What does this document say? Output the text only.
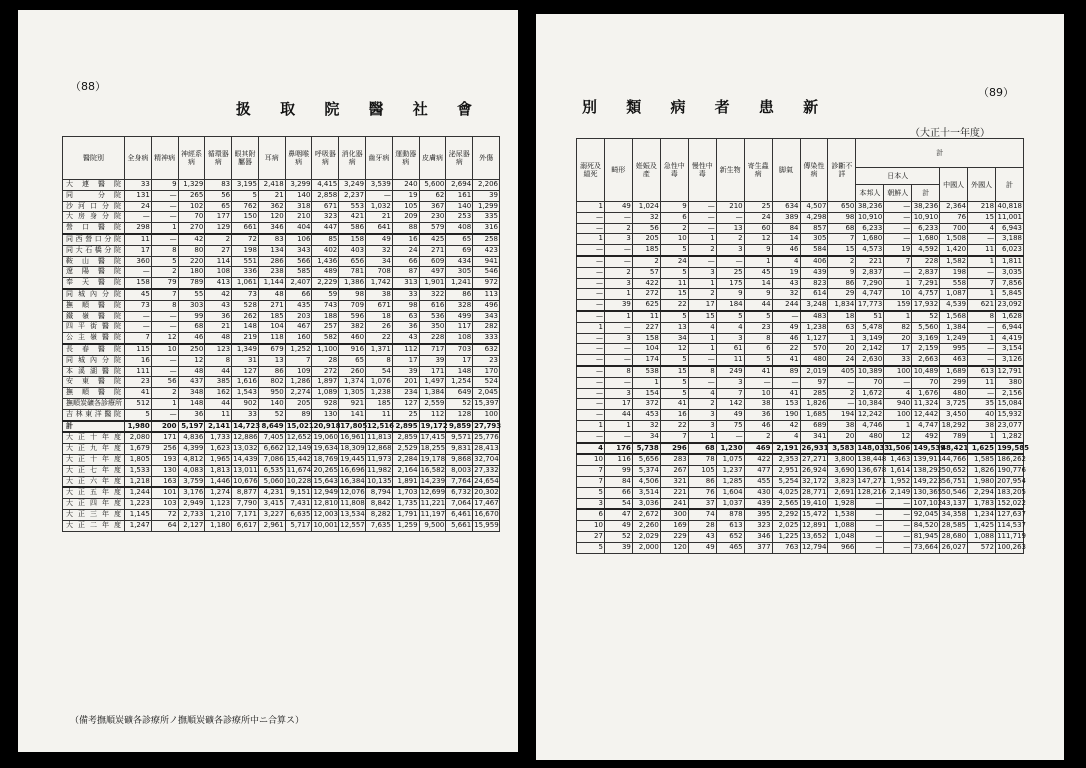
（88）
扱 取 院 醫 社 會
醫院別	全身病	精神病	神經系病	循環器病	眼其附屬器	耳病	鼻咽喉病	呼吸器病	消化器病	齒牙病	運動器病	皮膚病	泌尿器病	外傷
大連醫院	33	9	1,329	83	3,195	2,418	3,299	4,415	3,249	3,539	240	5,600	2,694	2,206
同　分院	131	—	265	56	5	21	140	2,858	2,237	—	19	62	161	39
沙河口分院	24	—	102	65	762	362	318	671	553	1,032	105	367	140	1,299
大房身分院	—	—	70	177	150	120	210	323	421	21	209	230	253	335
營口醫院	298	1	270	129	661	346	404	447	586	641	88	579	408	316
同西營口分院	11	—	42	2	72	83	106	85	158	49	16	425	65	258
同大石橋分院	17	8	80	27	198	134	343	402	403	32	24	271	69	423
鞍山醫院	360	5	220	114	551	286	566	1,436	656	34	66	609	434	941
遼陽醫院	—	2	180	108	336	238	585	489	781	708	87	497	305	546
奉天醫院	158	79	789	413	1,061	1,144	2,407	2,229	1,386	1,742	313	1,901	1,241	972
同城內分院	45	7	55	42	73	48	66	59	98	38	33	322	86	113
撫順醫院	73	8	303	43	528	271	435	743	709	671	98	616	328	496
鐵嶺醫院	—	—	99	36	262	185	203	188	596	18	63	536	499	343
四平街醫院	—	—	68	21	148	104	467	257	382	26	36	350	117	282
公主嶺醫院	7	12	46	48	219	118	160	582	460	22	43	228	108	333
長春醫院	115	10	250	123	1,349	679	1,252	1,100	916	1,371	112	717	703	632
同城內分院	16	—	12	8	31	13	7	28	65	8	17	39	17	23
本溪湖醫院	111	—	48	44	127	86	109	272	260	54	39	171	148	170
安東醫院	23	56	437	385	1,616	802	1,286	1,897	1,374	1,076	201	1,497	1,254	524
撫順醫院	41	2	348	162	1,543	950	2,274	1,089	1,305	1,238	234	1,384	649	2,045
撫順炭礦各診療所	512	1	148	44	902	140	205	928	921	185	127	2,559	52	15,397
吉林東洋醫院	5	—	36	11	33	52	89	130	141	11	25	112	128	100
計	1,980	200	5,197	2,141	14,723	8,649	15,021	20,918	17,805	12,516	2,895	19,172	9,859	27,793
大正十年度	2,080	171	4,836	1,733	12,886	7,405	12,652	19,060	16,961	11,813	2,859	17,415	9,571	25,776
大正九年度	1,679	256	4,399	1,623	13,032	6,662	12,149	19,634	18,309	12,868	2,529	18,255	9,831	28,413
大正十年度	1,805	193	4,812	1,965	14,439	7,086	15,442	18,769	19,445	11,973	2,284	19,178	9,868	32,704
大正七年度	1,533	130	4,083	1,813	13,011	6,535	11,674	20,265	16,696	11,982	2,164	16,582	8,003	27,332
大正六年度	1,218	163	3,759	1,446	10,676	5,060	10,228	15,643	16,384	10,135	1,891	14,239	7,764	24,654
大正五年度	1,244	101	3,176	1,274	8,877	4,231	9,151	12,949	12,076	8,794	1,703	12,699	6,732	20,302
大正四年度	1,223	103	2,949	1,123	7,790	3,415	7,431	12,810	11,808	8,842	1,735	11,221	7,064	17,467
大正三年度	1,145	72	2,733	1,210	7,171	3,227	6,635	12,003	13,534	8,282	1,791	11,197	6,461	16,670
大正二年度	1,247	64	2,127	1,180	6,617	2,961	5,717	10,001	12,557	7,635	1,259	9,500	5,661	15,959
（備考撫順炭礦各診療所ノ撫順炭礦各診療所中ニ合算ス）
（89）
別 類 病 者 患 新
（大正十一年度）
溺死及縊死	畸形	姙娠及產	急性中毒	慢性中毒	新生物	寄生蟲病	脚氣	傳染性病	診斷不詳	計					
										日本人			中國人	外國人	計
										本邦人	朝鮮人	計			
1	49	1,024	9	—	210	25	634	4,507	650	38,236	—	38,236	2,364	218	40,818
—	—	32	6	—	—	24	389	4,298	98	10,910	—	10,910	76	15	11,001
—	2	56	2	—	13	60	84	857	68	6,233	—	6,233	700	4	6,943
1	3	205	10	1	2	12	14	305	7	1,680	—	1,680	1,508	—	3,188
—	—	185	5	2	3	9	46	584	15	4,573	19	4,592	1,420	11	6,023
—	—	2	24	—	—	1	4	406	2	221	7	228	1,582	1	1,811
—	2	57	5	3	25	45	19	439	9	2,837	—	2,837	198	—	3,035
—	3	422	11	1	175	14	43	823	86	7,290	1	7,291	558	7	7,856
—	1	272	15	2	9	9	32	614	29	4,747	10	4,757	1,087	1	5,845
—	39	625	22	17	184	44	244	3,248	1,834	17,773	159	17,932	4,539	621	23,092
—	1	11	5	15	5	5	—	483	18	51	1	52	1,568	8	1,628
1	—	227	13	4	4	23	49	1,238	63	5,478	82	5,560	1,384	—	6,944
—	3	158	34	1	3	8	46	1,127	1	3,149	20	3,169	1,249	1	4,419
—	—	104	12	1	61	6	22	570	20	2,142	17	2,159	995	—	3,154
—	—	174	5	—	11	5	41	480	24	2,630	33	2,663	463	—	3,126
—	8	538	15	8	249	41	89	2,019	405	10,389	100	10,489	1,689	613	12,791
—	—	1	5	—	3	—	—	97	—	70	—	70	299	11	380
—	3	154	5	4	7	10	41	285	2	1,672	4	1,676	480	—	2,156
—	17	372	41	2	142	38	153	1,826	—	10,384	940	11,324	3,725	35	15,084
—	44	453	16	3	49	36	190	1,685	194	12,242	100	12,442	3,450	40	15,932
1	1	32	22	3	75	46	42	689	38	4,746	1	4,747	18,292	38	23,077
—	—	34	7	1	—	2	4	341	20	480	12	492	789	1	1,282
4	176	5,738	296	68	1,230	469	2,191	26,931	3,583	148,033	1,506	149,539	48,421	1,625	199,585
10	116	5,656	283	78	1,075	422	2,353	27,271	3,800	138,448	1,463	139,911	44,766	1,585	186,262
7	99	5,374	267	105	1,237	477	2,951	26,924	3,690	136,678	1,614	138,292	50,652	1,826	190,776
7	84	4,506	321	86	1,285	455	5,254	32,172	3,823	147,271	1,952	149,223	56,751	1,980	207,954
5	66	3,514	221	76	1,604	430	4,025	28,771	2,691	128,216	2,149	130,365	50,546	2,294	183,205
3	54	3,036	241	37	1,037	439	2,565	19,410	1,928	—	—	107,102	43,137	1,783	152,022
6	47	2,672	300	74	878	395	2,292	15,472	1,538	—	—	92,045	34,358	1,234	127,637
10	49	2,260	169	28	613	323	2,025	12,891	1,088	—	—	84,520	28,585	1,425	114,537
27	52	2,029	229	43	652	346	1,225	13,652	1,048	—	—	81,945	28,680	1,088	111,719
5	39	2,000	120	49	465	377	763	12,794	966	—	—	73,664	26,027	572	100,263
